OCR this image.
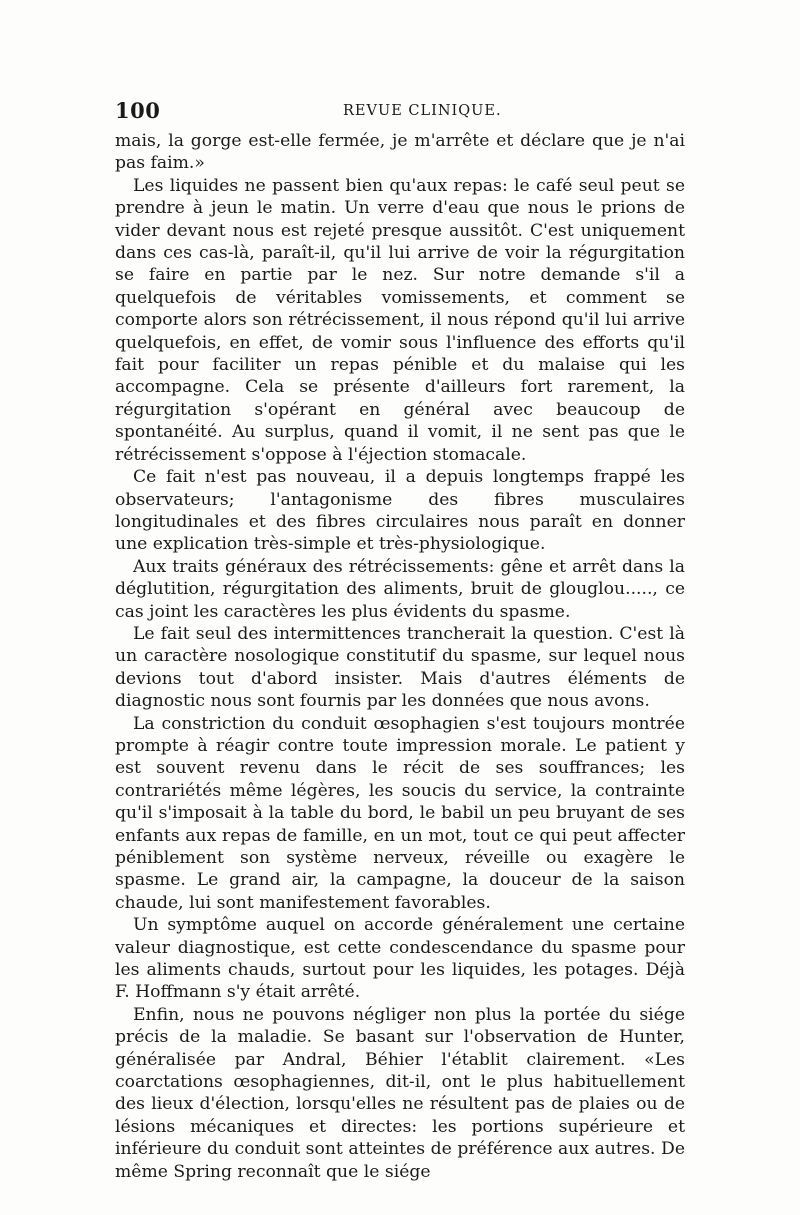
100	REVUE CLINIQUE.

mais, la gorge est-elle fermée, je m'arrête et déclare que je n'ai pas faim.»

Les liquides ne passent bien qu'aux repas: le café seul peut se prendre à jeun le matin. Un verre d'eau que nous le prions de vider devant nous est rejeté presque aussitôt. C'est uniquement dans ces cas-là, paraît-il, qu'il lui arrive de voir la régurgitation se faire en partie par le nez. Sur notre demande s'il a quelquefois de véritables vomissements, et comment se comporte alors son rétrécissement, il nous répond qu'il lui arrive quelquefois, en effet, de vomir sous l'influence des efforts qu'il fait pour faciliter un repas pénible et du malaise qui les accompagne. Cela se présente d'ailleurs fort rarement, la régurgitation s'opérant en général avec beaucoup de spontanéité. Au surplus, quand il vomit, il ne sent pas que le rétrécissement s'oppose à l'éjection stomacale.

Ce fait n'est pas nouveau, il a depuis longtemps frappé les observateurs; l'antagonisme des fibres musculaires longitudinales et des fibres circulaires nous paraît en donner une explication très-simple et très-physiologique.

Aux traits généraux des rétrécissements: gêne et arrêt dans la déglutition, régurgitation des aliments, bruit de glouglou....., ce cas joint les caractères les plus évidents du spasme.

Le fait seul des intermittences trancherait la question. C'est là un caractère nosologique constitutif du spasme, sur lequel nous devions tout d'abord insister. Mais d'autres éléments de diagnostic nous sont fournis par les données que nous avons.

La constriction du conduit œsophagien s'est toujours montrée prompte à réagir contre toute impression morale. Le patient y est souvent revenu dans le récit de ses souffrances; les contrariétés même légères, les soucis du service, la contrainte qu'il s'imposait à la table du bord, le babil un peu bruyant de ses enfants aux repas de famille, en un mot, tout ce qui peut affecter péniblement son système nerveux, réveille ou exagère le spasme. Le grand air, la campagne, la douceur de la saison chaude, lui sont manifestement favorables.

Un symptôme auquel on accorde généralement une certaine valeur diagnostique, est cette condescendance du spasme pour les aliments chauds, surtout pour les liquides, les potages. Déjà F. Hoffmann s'y était arrêté.

Enfin, nous ne pouvons négliger non plus la portée du siége précis de la maladie. Se basant sur l'observation de Hunter, généralisée par Andral, Béhier l'établit clairement. «Les coarctations œsophagiennes, dit-il, ont le plus habituellement des lieux d'élection, lorsqu'elles ne résultent pas de plaies ou de lésions mécaniques et directes: les portions supérieure et inférieure du conduit sont atteintes de préférence aux autres. De même Spring reconnaît que le siége
